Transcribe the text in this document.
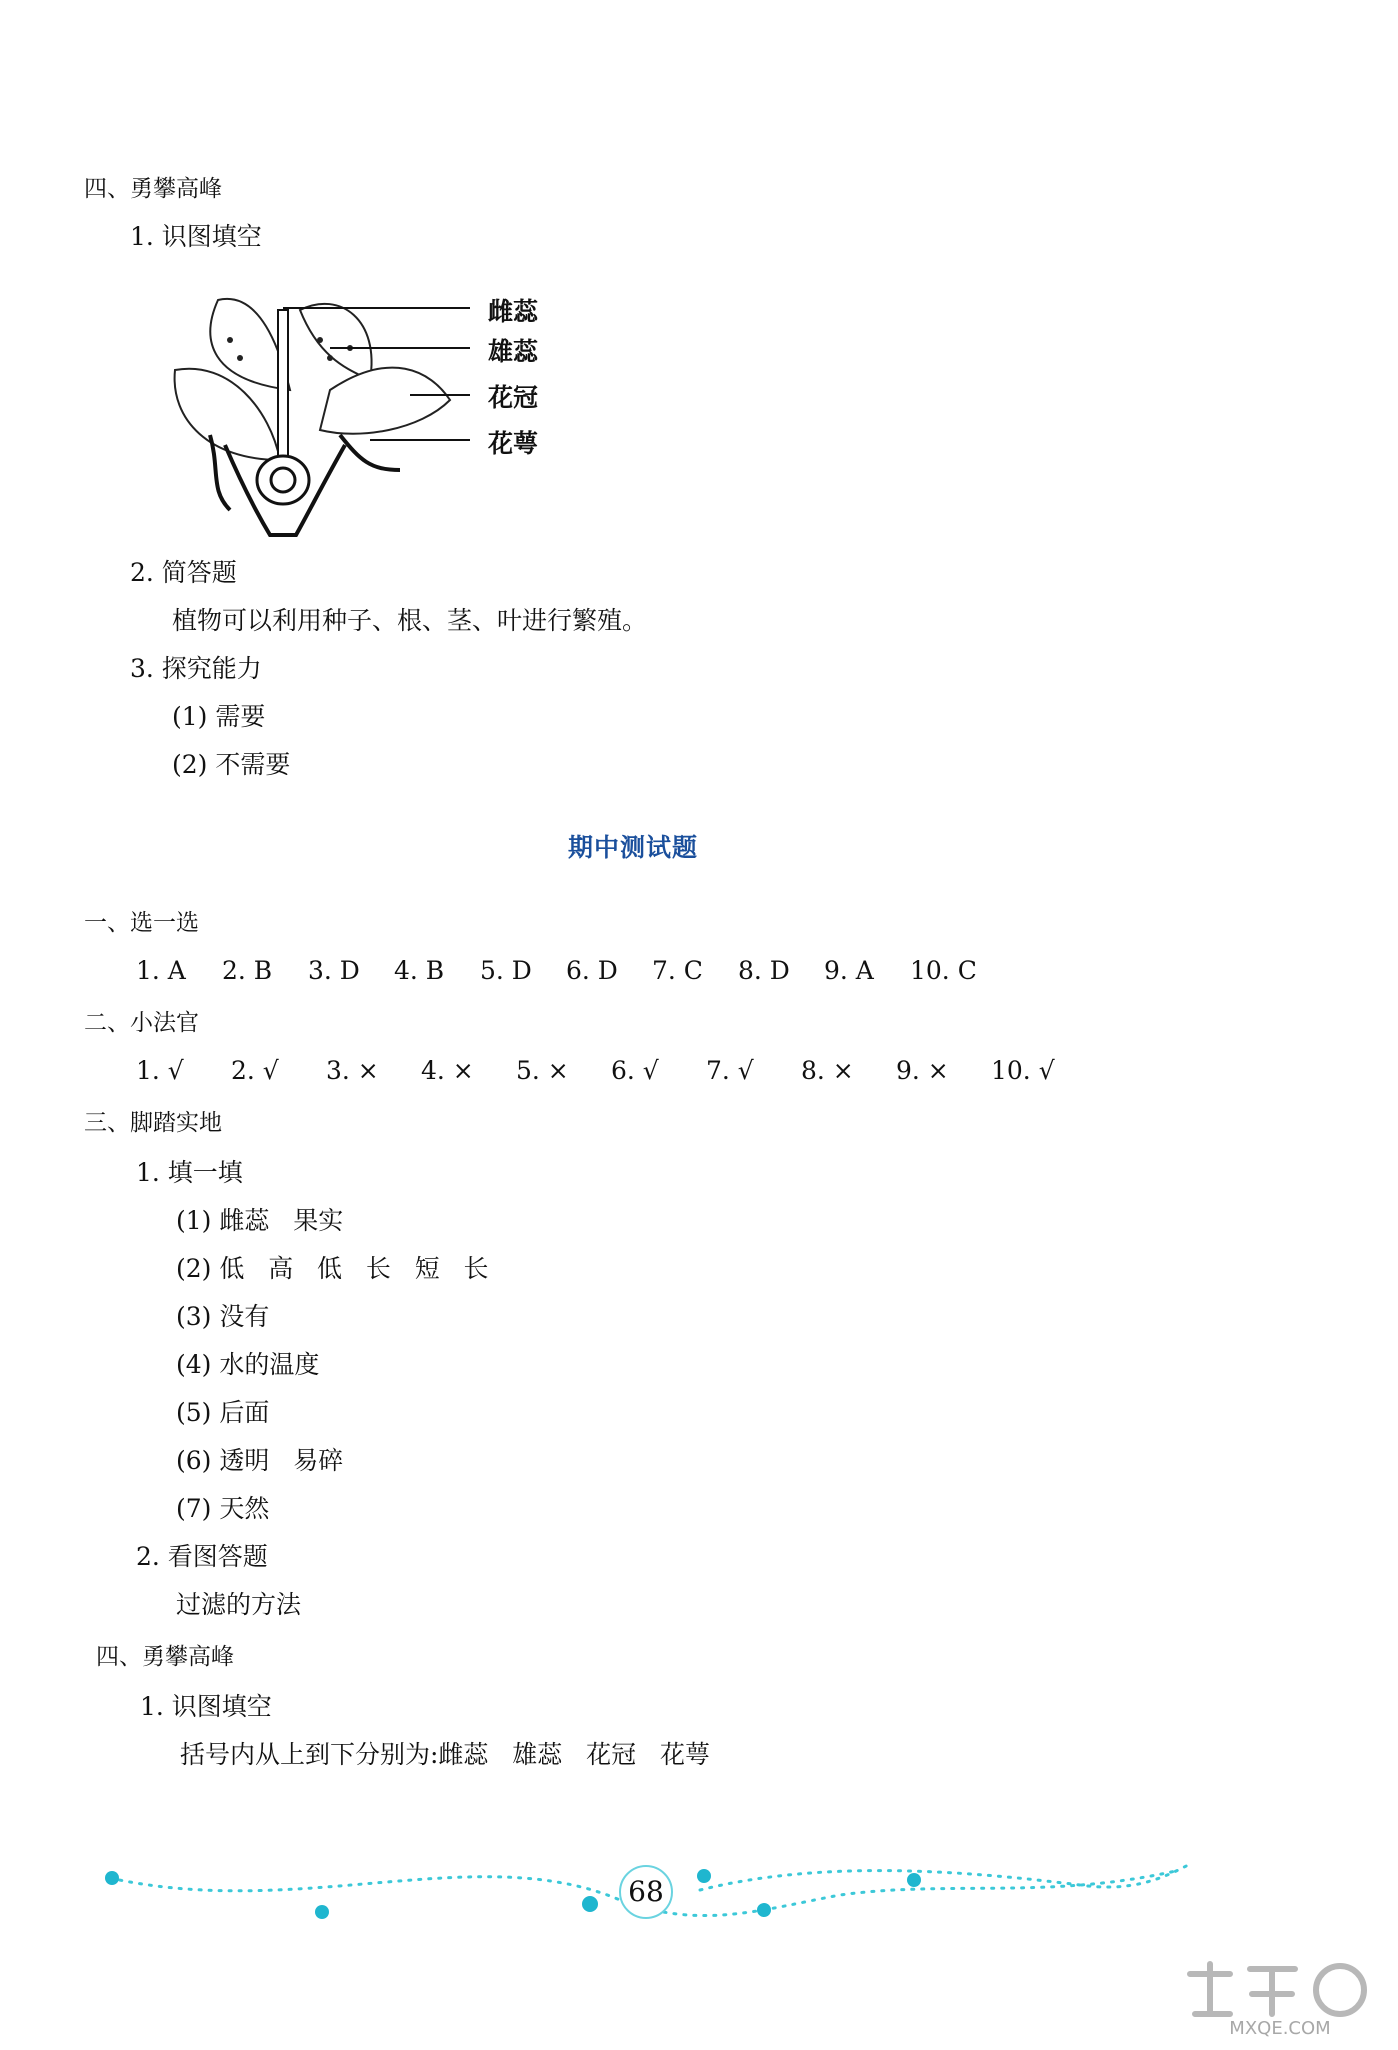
四、勇攀高峰
1. 识图填空
雌蕊
雄蕊
花冠
花萼
2. 简答题
植物可以利用种子、根、茎、叶进行繁殖。
3. 探究能力
(1) 需要
(2) 不需要
期中测试题
一、选一选
1. A	2. B	3. D	4. B	5. D	6. D	7. C	8. D	9. A	10. C
二、小法官
1. √	2. √	3. ×	4. ×	5. ×	6. √	7. √	8. ×	9. ×	10. √
三、脚踏实地
1. 填一填
(1) 雌蕊   果实
(2) 低   高   低   长   短   长
(3) 没有
(4) 水的温度
(5) 后面
(6) 透明   易碎
(7) 天然
2. 看图答题
过滤的方法
四、勇攀高峰
1. 识图填空
括号内从上到下分别为:雌蕊   雄蕊   花冠   花萼
68
MXQE.COM
